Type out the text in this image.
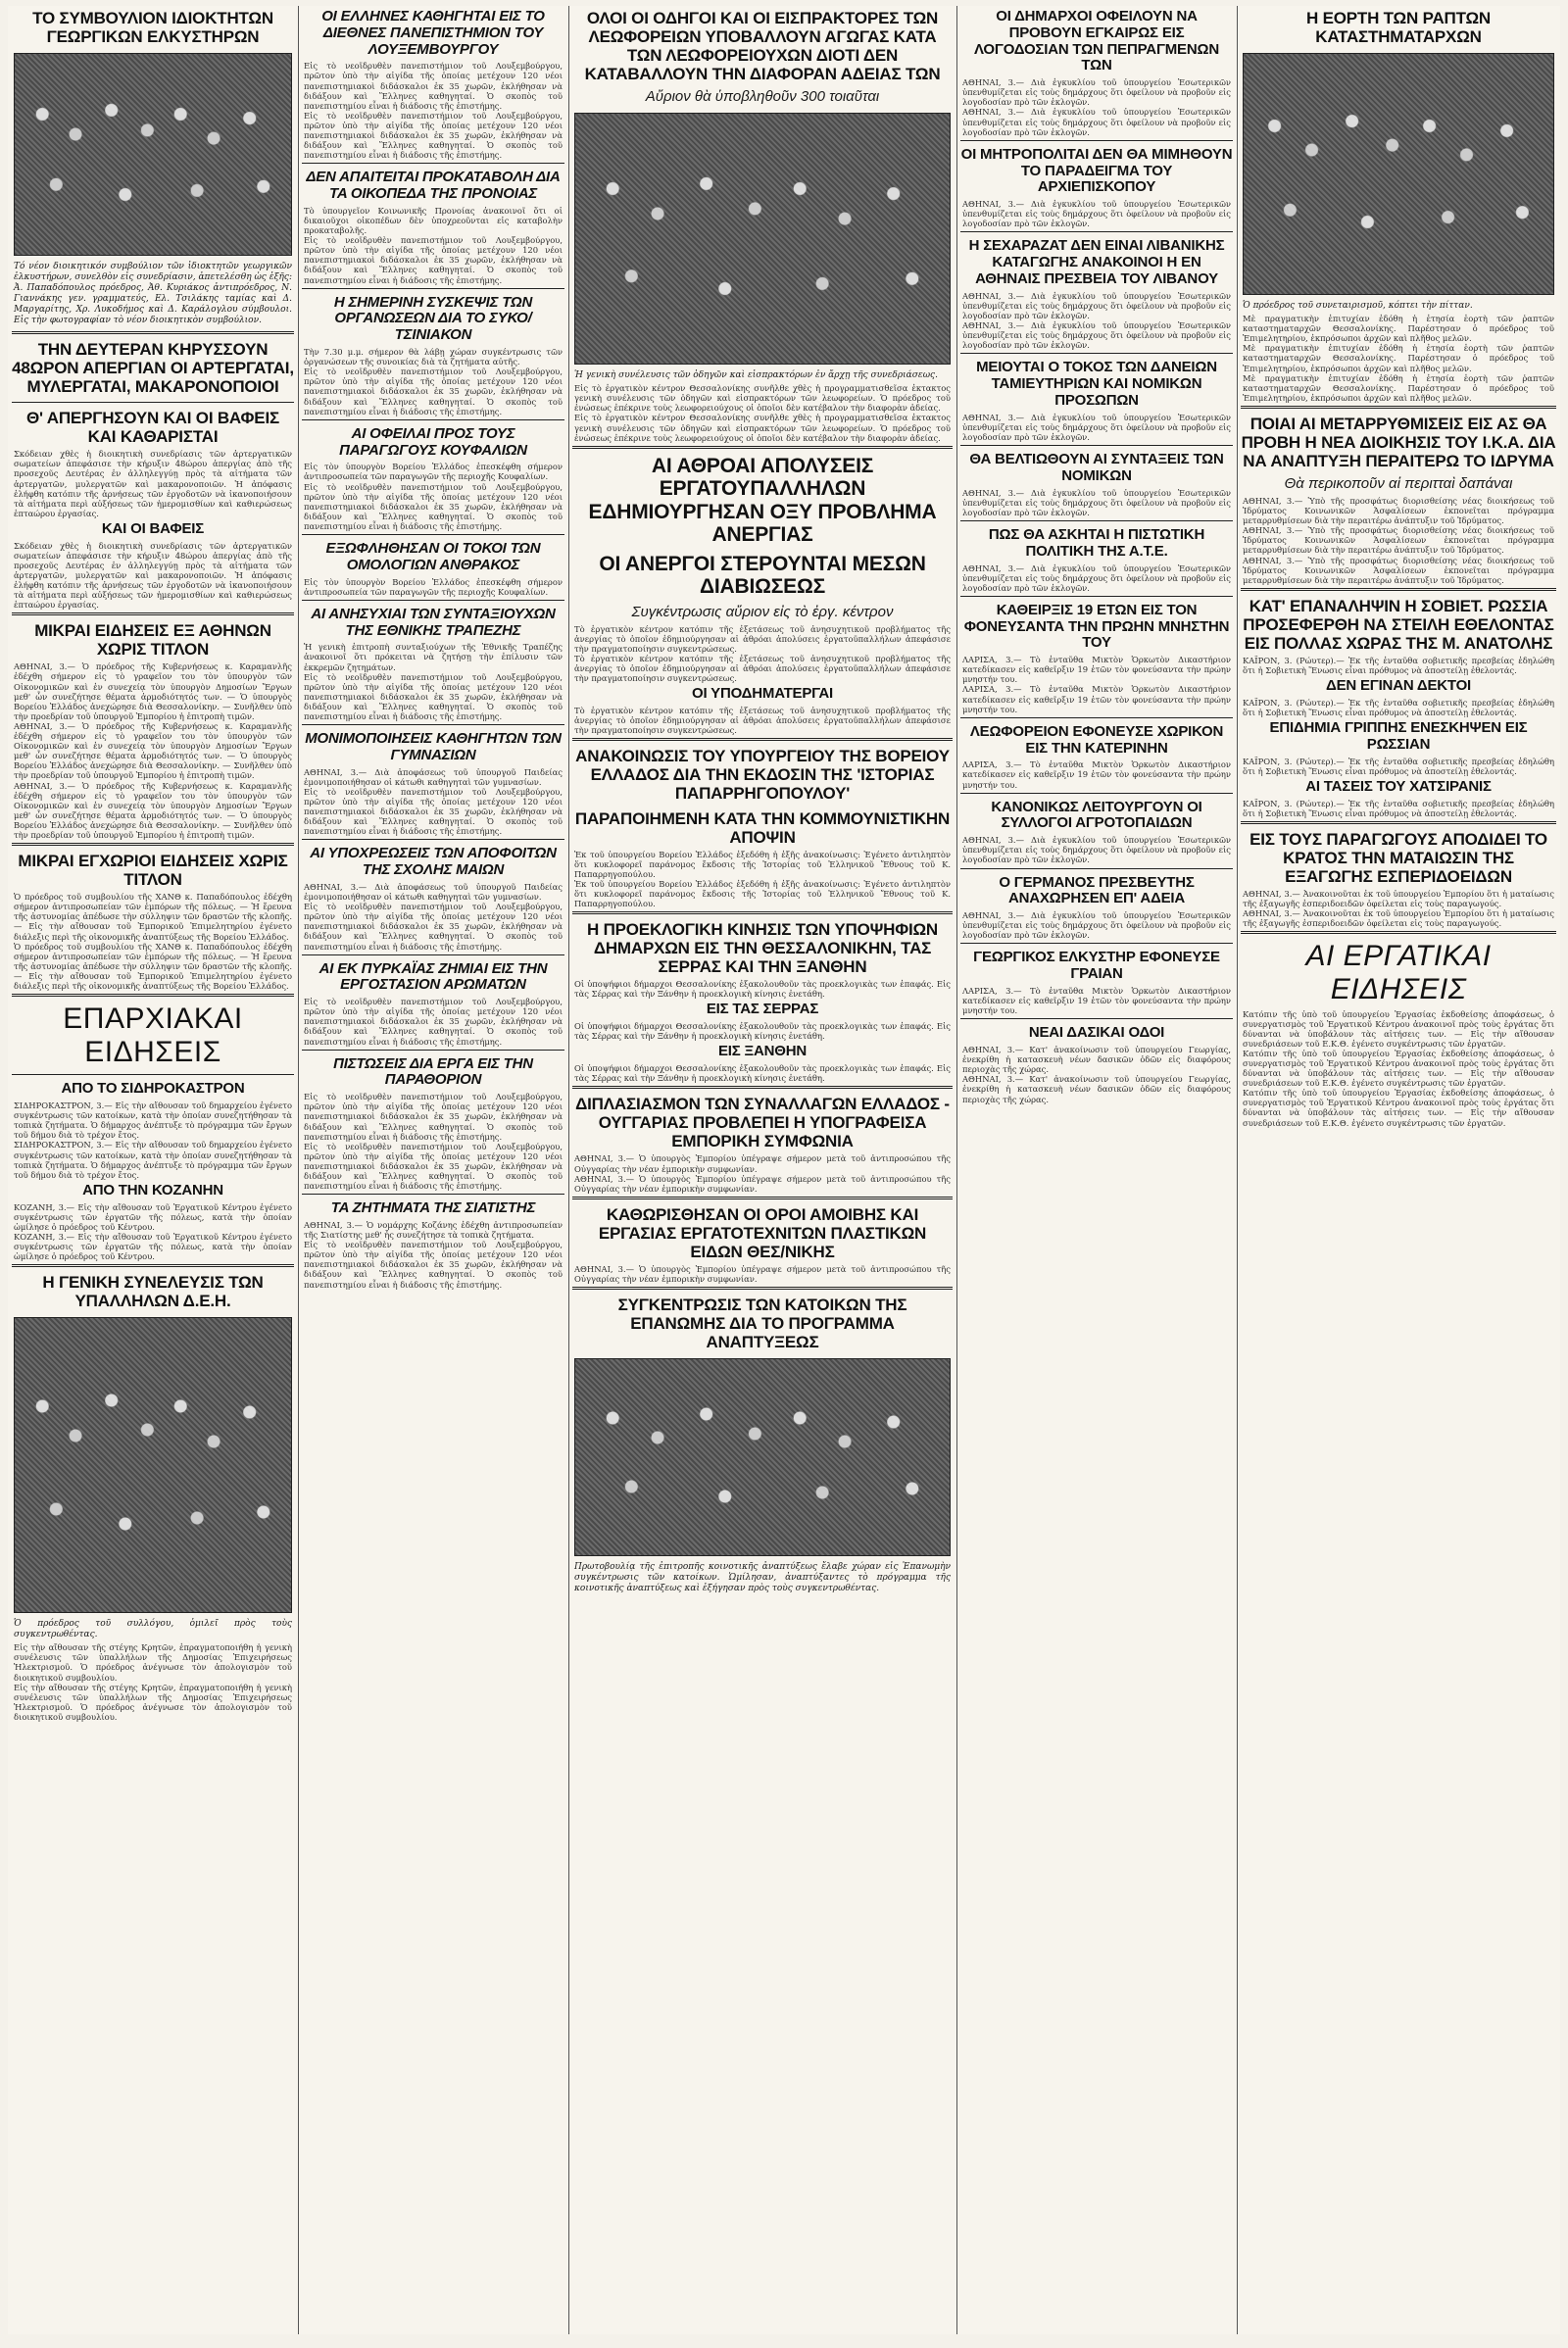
ΤΟ ΣΥΜΒΟΥΛΙΟΝ ΙΔΙΟΚΤΗΤΩΝ ΓΕΩΡΓΙΚΩΝ ΕΛΚΥΣΤΗΡΩΝ
Τό νέον διοικητικόν συμβούλιον τῶν ἰδιοκτητῶν γεωργικῶν ἐλκυστήρων, συνελθὸν εἰς συνεδρίασιν, ἀπετελέσθη ὡς ἑξῆς: Ἀ. Παπαδόπουλος πρόεδρος, Ἀθ. Κυριάκος ἀντιπρόεδρος, Ν. Γιαννάκης γεν. γραμματεύς, Ελ. Τσιλάκης ταμίας καὶ Δ. Μαργαρίτης, Χρ. Λυκοδήμος καὶ Δ. Καράλογλου σύμβουλοι. Εἰς τὴν φωτογραφίαν τὸ νέον διοικητικὸν συμβούλιον.
ΤΗΝ ΔΕΥΤΕΡΑΝ ΚΗΡΥΣΣΟΥΝ 48ΩΡΟΝ ΑΠΕΡΓΙΑΝ ΟΙ ΑΡΤΕΡΓΑΤΑΙ, ΜΥΛΕΡΓΑΤΑΙ, ΜΑΚΑΡΟΝΟΠΟΙΟΙ
Θ' ΑΠΕΡΓΗΣΟΥΝ ΚΑΙ ΟΙ ΒΑΦΕΙΣ ΚΑΙ ΚΑΘΑΡΙΣΤΑΙ
Σκόδειαν χθὲς ἡ διοικητικὴ συνεδρίασις τῶν ἀρτεργατικῶν σωματείων ἀπεφάσισε τὴν κήρυξιν 48ώρου ἀπεργίας ἀπὸ τῆς προσεχοῦς Δευτέρας ἐν ἀλληλεγγύῃ πρὸς τὰ αἰτήματα τῶν ἀρτεργατῶν, μυλεργατῶν καὶ μακαρονοποιῶν. Ἡ ἀπόφασις ἐλήφθη κατόπιν τῆς ἀρνήσεως τῶν ἐργοδοτῶν νὰ ἱκανοποιήσουν τὰ αἰτήματα περὶ αὐξήσεως τῶν ἡμερομισθίων καὶ καθιερώσεως ἑπταώρου ἐργασίας.
ΚΑΙ ΟΙ ΒΑΦΕΙΣ
Σκόδειαν χθὲς ἡ διοικητικὴ συνεδρίασις τῶν ἀρτεργατικῶν σωματείων ἀπεφάσισε τὴν κήρυξιν 48ώρου ἀπεργίας ἀπὸ τῆς προσεχοῦς Δευτέρας ἐν ἀλληλεγγύῃ πρὸς τὰ αἰτήματα τῶν ἀρτεργατῶν, μυλεργατῶν καὶ μακαρονοποιῶν. Ἡ ἀπόφασις ἐλήφθη κατόπιν τῆς ἀρνήσεως τῶν ἐργοδοτῶν νὰ ἱκανοποιήσουν τὰ αἰτήματα περὶ αὐξήσεως τῶν ἡμερομισθίων καὶ καθιερώσεως ἑπταώρου ἐργασίας.
ΜΙΚΡΑΙ ΕΙΔΗΣΕΙΣ ΕΞ ΑΘΗΝΩΝ ΧΩΡΙΣ ΤΙΤΛΟΝ
ΑΘΗΝΑΙ, 3.— Ὁ πρόεδρος τῆς Κυβερνήσεως κ. Καραμανλῆς ἐδέχθη σήμερον εἰς τὸ γραφεῖον του τὸν ὑπουργὸν τῶν Οἰκονομικῶν καὶ ἐν συνεχείᾳ τὸν ὑπουργὸν Δημοσίων Ἔργων μεθ' ὧν συνεζήτησε θέματα ἀρμοδιότητός των. — Ὁ ὑπουργὸς Βορείου Ἑλλάδος ἀνεχώρησε διὰ Θεσσαλονίκην. — Συνῆλθεν ὑπὸ τὴν προεδρίαν τοῦ ὑπουργοῦ Ἐμπορίου ἡ ἐπιτροπὴ τιμῶν.
ΑΘΗΝΑΙ, 3.— Ὁ πρόεδρος τῆς Κυβερνήσεως κ. Καραμανλῆς ἐδέχθη σήμερον εἰς τὸ γραφεῖον του τὸν ὑπουργὸν τῶν Οἰκονομικῶν καὶ ἐν συνεχείᾳ τὸν ὑπουργὸν Δημοσίων Ἔργων μεθ' ὧν συνεζήτησε θέματα ἀρμοδιότητός των. — Ὁ ὑπουργὸς Βορείου Ἑλλάδος ἀνεχώρησε διὰ Θεσσαλονίκην. — Συνῆλθεν ὑπὸ τὴν προεδρίαν τοῦ ὑπουργοῦ Ἐμπορίου ἡ ἐπιτροπὴ τιμῶν.
ΑΘΗΝΑΙ, 3.— Ὁ πρόεδρος τῆς Κυβερνήσεως κ. Καραμανλῆς ἐδέχθη σήμερον εἰς τὸ γραφεῖον του τὸν ὑπουργὸν τῶν Οἰκονομικῶν καὶ ἐν συνεχείᾳ τὸν ὑπουργὸν Δημοσίων Ἔργων μεθ' ὧν συνεζήτησε θέματα ἀρμοδιότητός των. — Ὁ ὑπουργὸς Βορείου Ἑλλάδος ἀνεχώρησε διὰ Θεσσαλονίκην. — Συνῆλθεν ὑπὸ τὴν προεδρίαν τοῦ ὑπουργοῦ Ἐμπορίου ἡ ἐπιτροπὴ τιμῶν.
ΜΙΚΡΑΙ ΕΓΧΩΡΙΟΙ ΕΙΔΗΣΕΙΣ ΧΩΡΙΣ ΤΙΤΛΟΝ
Ὁ πρόεδρος τοῦ συμβουλίου τῆς ΧΑΝΘ κ. Παπαδόπουλος ἐδέχθη σήμερον ἀντιπροσωπείαν τῶν ἐμπόρων τῆς πόλεως. — Ἡ ἔρευνα τῆς ἀστυνομίας ἀπέδωσε τὴν σύλληψιν τῶν δραστῶν τῆς κλοπῆς. — Εἰς τὴν αἴθουσαν τοῦ Ἐμπορικοῦ Ἐπιμελητηρίου ἐγένετο διάλεξις περὶ τῆς οἰκονομικῆς ἀναπτύξεως τῆς Βορείου Ἑλλάδος.
Ὁ πρόεδρος τοῦ συμβουλίου τῆς ΧΑΝΘ κ. Παπαδόπουλος ἐδέχθη σήμερον ἀντιπροσωπείαν τῶν ἐμπόρων τῆς πόλεως. — Ἡ ἔρευνα τῆς ἀστυνομίας ἀπέδωσε τὴν σύλληψιν τῶν δραστῶν τῆς κλοπῆς. — Εἰς τὴν αἴθουσαν τοῦ Ἐμπορικοῦ Ἐπιμελητηρίου ἐγένετο διάλεξις περὶ τῆς οἰκονομικῆς ἀναπτύξεως τῆς Βορείου Ἑλλάδος.
ΕΠΑΡΧΙΑΚΑΙ ΕΙΔΗΣΕΙΣ
ΑΠΟ ΤΟ ΣΙΔΗΡΟΚΑΣΤΡΟΝ
ΣΙΔΗΡΟΚΑΣΤΡΟΝ, 3.— Εἰς τὴν αἴθουσαν τοῦ δημαρχείου ἐγένετο συγκέντρωσις τῶν κατοίκων, κατὰ τὴν ὁποίαν συνεζητήθησαν τὰ τοπικὰ ζητήματα. Ὁ δήμαρχος ἀνέπτυξε τὸ πρόγραμμα τῶν ἔργων τοῦ δήμου διὰ τὸ τρέχον ἔτος.
ΣΙΔΗΡΟΚΑΣΤΡΟΝ, 3.— Εἰς τὴν αἴθουσαν τοῦ δημαρχείου ἐγένετο συγκέντρωσις τῶν κατοίκων, κατὰ τὴν ὁποίαν συνεζητήθησαν τὰ τοπικὰ ζητήματα. Ὁ δήμαρχος ἀνέπτυξε τὸ πρόγραμμα τῶν ἔργων τοῦ δήμου διὰ τὸ τρέχον ἔτος.
ΑΠΟ ΤΗΝ ΚΟΖΑΝΗΝ
ΚΟΖΑΝΗ, 3.— Εἰς τὴν αἴθουσαν τοῦ Ἐργατικοῦ Κέντρου ἐγένετο συγκέντρωσις τῶν ἐργατῶν τῆς πόλεως, κατὰ τὴν ὁποίαν ὡμίλησε ὁ πρόεδρος τοῦ Κέντρου.
ΚΟΖΑΝΗ, 3.— Εἰς τὴν αἴθουσαν τοῦ Ἐργατικοῦ Κέντρου ἐγένετο συγκέντρωσις τῶν ἐργατῶν τῆς πόλεως, κατὰ τὴν ὁποίαν ὡμίλησε ὁ πρόεδρος τοῦ Κέντρου.
Η ΓΕΝΙΚΗ ΣΥΝΕΛΕΥΣΙΣ ΤΩΝ ΥΠΑΛΛΗΛΩΝ Δ.Ε.Η.
Ὁ πρόεδρος τοῦ συλλόγου, ὁμιλεῖ πρὸς τοὺς συγκεντρωθέντας.
Εἰς τὴν αἴθουσαν τῆς στέγης Κρητῶν, ἐπραγματοποιήθη ἡ γενικὴ συνέλευσις τῶν ὑπαλλήλων τῆς Δημοσίας Ἐπιχειρήσεως Ἠλεκτρισμοῦ. Ὁ πρόεδρος ἀνέγνωσε τὸν ἀπολογισμὸν τοῦ διοικητικοῦ συμβουλίου.
Εἰς τὴν αἴθουσαν τῆς στέγης Κρητῶν, ἐπραγματοποιήθη ἡ γενικὴ συνέλευσις τῶν ὑπαλλήλων τῆς Δημοσίας Ἐπιχειρήσεως Ἠλεκτρισμοῦ. Ὁ πρόεδρος ἀνέγνωσε τὸν ἀπολογισμὸν τοῦ διοικητικοῦ συμβουλίου.
ΟΙ ΕΛΛΗΝΕΣ ΚΑΘΗΓΗΤΑΙ ΕΙΣ ΤΟ ΔΙΕΘΝΕΣ ΠΑΝΕΠΙΣΤΗΜΙΟΝ ΤΟΥ ΛΟΥΞΕΜΒΟΥΡΓΟΥ
Εἰς τὸ νεοϊδρυθὲν πανεπιστήμιον τοῦ Λουξεμβούργου, πρῶτον ὑπὸ τὴν αἰγίδα τῆς ὁποίας μετέχουν 120 νέοι πανεπιστημιακοὶ διδάσκαλοι ἐκ 35 χωρῶν, ἐκλήθησαν νὰ διδάξουν καὶ Ἕλληνες καθηγηταί. Ὁ σκοπὸς τοῦ πανεπιστημίου εἶναι ἡ διάδοσις τῆς ἐπιστήμης.
Εἰς τὸ νεοϊδρυθὲν πανεπιστήμιον τοῦ Λουξεμβούργου, πρῶτον ὑπὸ τὴν αἰγίδα τῆς ὁποίας μετέχουν 120 νέοι πανεπιστημιακοὶ διδάσκαλοι ἐκ 35 χωρῶν, ἐκλήθησαν νὰ διδάξουν καὶ Ἕλληνες καθηγηταί. Ὁ σκοπὸς τοῦ πανεπιστημίου εἶναι ἡ διάδοσις τῆς ἐπιστήμης.
ΔΕΝ ΑΠΑΙΤΕΙΤΑΙ ΠΡΟΚΑΤΑΒΟΛΗ ΔΙΑ ΤΑ ΟΙΚΟΠΕΔΑ ΤΗΣ ΠΡΟΝΟΙΑΣ
Τὸ ὑπουργεῖον Κοινωνικῆς Προνοίας ἀνακοινοῖ ὅτι οἱ δικαιοῦχοι οἰκοπέδων δὲν ὑποχρεοῦνται εἰς καταβολὴν προκαταβολῆς.
Εἰς τὸ νεοϊδρυθὲν πανεπιστήμιον τοῦ Λουξεμβούργου, πρῶτον ὑπὸ τὴν αἰγίδα τῆς ὁποίας μετέχουν 120 νέοι πανεπιστημιακοὶ διδάσκαλοι ἐκ 35 χωρῶν, ἐκλήθησαν νὰ διδάξουν καὶ Ἕλληνες καθηγηταί. Ὁ σκοπὸς τοῦ πανεπιστημίου εἶναι ἡ διάδοσις τῆς ἐπιστήμης.
Η ΣΗΜΕΡΙΝΗ ΣΥΣΚΕΨΙΣ ΤΩΝ ΟΡΓΑΝΩΣΕΩΝ ΔΙΑ ΤΟ ΣΥΚΟ/ΤΣΙΝΙΑΚΟΝ
Τὴν 7.30 μ.μ. σήμερον θὰ λάβῃ χώραν συγκέντρωσις τῶν ὀργανώσεων τῆς συνοικίας διὰ τὰ ζητήματα αὐτῆς.
Εἰς τὸ νεοϊδρυθὲν πανεπιστήμιον τοῦ Λουξεμβούργου, πρῶτον ὑπὸ τὴν αἰγίδα τῆς ὁποίας μετέχουν 120 νέοι πανεπιστημιακοὶ διδάσκαλοι ἐκ 35 χωρῶν, ἐκλήθησαν νὰ διδάξουν καὶ Ἕλληνες καθηγηταί. Ὁ σκοπὸς τοῦ πανεπιστημίου εἶναι ἡ διάδοσις τῆς ἐπιστήμης.
ΑΙ ΟΦΕΙΛΑΙ ΠΡΟΣ ΤΟΥΣ ΠΑΡΑΓΩΓΟΥΣ ΚΟΥΦΑΛΙΩΝ
Εἰς τὸν ὑπουργὸν Βορείου Ἑλλάδος ἐπεσκέφθη σήμερον ἀντιπροσωπεία τῶν παραγωγῶν τῆς περιοχῆς Κουφαλίων.
Εἰς τὸ νεοϊδρυθὲν πανεπιστήμιον τοῦ Λουξεμβούργου, πρῶτον ὑπὸ τὴν αἰγίδα τῆς ὁποίας μετέχουν 120 νέοι πανεπιστημιακοὶ διδάσκαλοι ἐκ 35 χωρῶν, ἐκλήθησαν νὰ διδάξουν καὶ Ἕλληνες καθηγηταί. Ὁ σκοπὸς τοῦ πανεπιστημίου εἶναι ἡ διάδοσις τῆς ἐπιστήμης.
ΕΞΩΦΛΗΘΗΣΑΝ ΟΙ ΤΟΚΟΙ ΤΩΝ ΟΜΟΛΟΓΙΩΝ ΑΝΘΡΑΚΟΣ
Εἰς τὸν ὑπουργὸν Βορείου Ἑλλάδος ἐπεσκέφθη σήμερον ἀντιπροσωπεία τῶν παραγωγῶν τῆς περιοχῆς Κουφαλίων.
ΑΙ ΑΝΗΣΥΧΙΑΙ ΤΩΝ ΣΥΝΤΑΞΙΟΥΧΩΝ ΤΗΣ ΕΘΝΙΚΗΣ ΤΡΑΠΕΖΗΣ
Ἡ γενικὴ ἐπιτροπὴ συνταξιούχων τῆς Ἐθνικῆς Τραπέζης ἀνακοινοῖ ὅτι πρόκειται νὰ ζητήσῃ τὴν ἐπίλυσιν τῶν ἐκκρεμῶν ζητημάτων.
Εἰς τὸ νεοϊδρυθὲν πανεπιστήμιον τοῦ Λουξεμβούργου, πρῶτον ὑπὸ τὴν αἰγίδα τῆς ὁποίας μετέχουν 120 νέοι πανεπιστημιακοὶ διδάσκαλοι ἐκ 35 χωρῶν, ἐκλήθησαν νὰ διδάξουν καὶ Ἕλληνες καθηγηταί. Ὁ σκοπὸς τοῦ πανεπιστημίου εἶναι ἡ διάδοσις τῆς ἐπιστήμης.
ΜΟΝΙΜΟΠΟΙΗΣΕΙΣ ΚΑΘΗΓΗΤΩΝ ΤΩΝ ΓΥΜΝΑΣΙΩΝ
ΑΘΗΝΑΙ, 3.— Διὰ ἀποφάσεως τοῦ ὑπουργοῦ Παιδείας ἐμονιμοποιήθησαν οἱ κάτωθι καθηγηταὶ τῶν γυμνασίων.
Εἰς τὸ νεοϊδρυθὲν πανεπιστήμιον τοῦ Λουξεμβούργου, πρῶτον ὑπὸ τὴν αἰγίδα τῆς ὁποίας μετέχουν 120 νέοι πανεπιστημιακοὶ διδάσκαλοι ἐκ 35 χωρῶν, ἐκλήθησαν νὰ διδάξουν καὶ Ἕλληνες καθηγηταί. Ὁ σκοπὸς τοῦ πανεπιστημίου εἶναι ἡ διάδοσις τῆς ἐπιστήμης.
ΑΙ ΥΠΟΧΡΕΩΣΕΙΣ ΤΩΝ ΑΠΟΦΟΙΤΩΝ ΤΗΣ ΣΧΟΛΗΣ ΜΑΙΩΝ
ΑΘΗΝΑΙ, 3.— Διὰ ἀποφάσεως τοῦ ὑπουργοῦ Παιδείας ἐμονιμοποιήθησαν οἱ κάτωθι καθηγηταὶ τῶν γυμνασίων.
Εἰς τὸ νεοϊδρυθὲν πανεπιστήμιον τοῦ Λουξεμβούργου, πρῶτον ὑπὸ τὴν αἰγίδα τῆς ὁποίας μετέχουν 120 νέοι πανεπιστημιακοὶ διδάσκαλοι ἐκ 35 χωρῶν, ἐκλήθησαν νὰ διδάξουν καὶ Ἕλληνες καθηγηταί. Ὁ σκοπὸς τοῦ πανεπιστημίου εἶναι ἡ διάδοσις τῆς ἐπιστήμης.
ΑΙ ΕΚ ΠΥΡΚΑΪΑΣ ΖΗΜΙΑΙ ΕΙΣ ΤΗΝ ΕΡΓΟΣΤΑΣΙΟΝ ΑΡΩΜΑΤΩΝ
Εἰς τὸ νεοϊδρυθὲν πανεπιστήμιον τοῦ Λουξεμβούργου, πρῶτον ὑπὸ τὴν αἰγίδα τῆς ὁποίας μετέχουν 120 νέοι πανεπιστημιακοὶ διδάσκαλοι ἐκ 35 χωρῶν, ἐκλήθησαν νὰ διδάξουν καὶ Ἕλληνες καθηγηταί. Ὁ σκοπὸς τοῦ πανεπιστημίου εἶναι ἡ διάδοσις τῆς ἐπιστήμης.
ΠΙΣΤΩΣΕΙΣ ΔΙΑ ΕΡΓΑ ΕΙΣ ΤΗΝ ΠΑΡΑΘΟΡΙΟΝ
Εἰς τὸ νεοϊδρυθὲν πανεπιστήμιον τοῦ Λουξεμβούργου, πρῶτον ὑπὸ τὴν αἰγίδα τῆς ὁποίας μετέχουν 120 νέοι πανεπιστημιακοὶ διδάσκαλοι ἐκ 35 χωρῶν, ἐκλήθησαν νὰ διδάξουν καὶ Ἕλληνες καθηγηταί. Ὁ σκοπὸς τοῦ πανεπιστημίου εἶναι ἡ διάδοσις τῆς ἐπιστήμης.
Εἰς τὸ νεοϊδρυθὲν πανεπιστήμιον τοῦ Λουξεμβούργου, πρῶτον ὑπὸ τὴν αἰγίδα τῆς ὁποίας μετέχουν 120 νέοι πανεπιστημιακοὶ διδάσκαλοι ἐκ 35 χωρῶν, ἐκλήθησαν νὰ διδάξουν καὶ Ἕλληνες καθηγηταί. Ὁ σκοπὸς τοῦ πανεπιστημίου εἶναι ἡ διάδοσις τῆς ἐπιστήμης.
ΤΑ ΖΗΤΗΜΑΤΑ ΤΗΣ ΣΙΑΤΙΣΤΗΣ
ΑΘΗΝΑΙ, 3.— Ὁ νομάρχης Κοζάνης ἐδέχθη ἀντιπροσωπείαν τῆς Σιατίστης μεθ' ἧς συνεζήτησε τὰ τοπικὰ ζητήματα.
Εἰς τὸ νεοϊδρυθὲν πανεπιστήμιον τοῦ Λουξεμβούργου, πρῶτον ὑπὸ τὴν αἰγίδα τῆς ὁποίας μετέχουν 120 νέοι πανεπιστημιακοὶ διδάσκαλοι ἐκ 35 χωρῶν, ἐκλήθησαν νὰ διδάξουν καὶ Ἕλληνες καθηγηταί. Ὁ σκοπὸς τοῦ πανεπιστημίου εἶναι ἡ διάδοσις τῆς ἐπιστήμης.
ΟΛΟΙ ΟΙ ΟΔΗΓΟΙ ΚΑΙ ΟΙ ΕΙΣΠΡΑΚΤΟΡΕΣ ΤΩΝ ΛΕΩΦΟΡΕΙΩΝ ΥΠΟΒΑΛΛΟΥΝ ΑΓΩΓΑΣ ΚΑΤΑ ΤΩΝ ΛΕΩΦΟΡΕΙΟΥΧΩΝ ΔΙΟΤΙ ΔΕΝ ΚΑΤΑΒΑΛΛΟΥΝ ΤΗΝ ΔΙΑΦΟΡΑΝ ΑΔΕΙΑΣ ΤΩΝ
Αὔριον θὰ ὑποβληθοῦν 300 τοιαῦται
Ἡ γενικὴ συνέλευσις τῶν ὁδηγῶν καὶ εἰσπρακτόρων ἐν ἄρχῃ τῆς συνεδριάσεως.
Εἰς τὸ ἐργατικὸν κέντρον Θεσσαλονίκης συνῆλθε χθὲς ἡ προγραμματισθεῖσα ἐκτακτος γενικὴ συνέλευσις τῶν ὁδηγῶν καὶ εἰσπρακτόρων τῶν λεωφορείων. Ὁ πρόεδρος τοῦ ἐνώσεως ἐπέκρινε τοὺς λεωφορειούχους οἱ ὁποῖοι δὲν κατέβαλον τὴν διαφορὰν ἀδείας.
Εἰς τὸ ἐργατικὸν κέντρον Θεσσαλονίκης συνῆλθε χθὲς ἡ προγραμματισθεῖσα ἐκτακτος γενικὴ συνέλευσις τῶν ὁδηγῶν καὶ εἰσπρακτόρων τῶν λεωφορείων. Ὁ πρόεδρος τοῦ ἐνώσεως ἐπέκρινε τοὺς λεωφορειούχους οἱ ὁποῖοι δὲν κατέβαλον τὴν διαφορὰν ἀδείας.
ΑΙ ΑΘΡΟΑΙ ΑΠΟΛΥΣΕΙΣ ΕΡΓΑΤΟΥΠΑΛΛΗΛΩΝ ΕΔΗΜΙΟΥΡΓΗΣΑΝ ΟΞΥ ΠΡΟΒΛΗΜΑ ΑΝΕΡΓΙΑΣ
ΟΙ ΑΝΕΡΓΟΙ ΣΤΕΡΟΥΝΤΑΙ ΜΕΣΩΝ ΔΙΑΒΙΩΣΕΩΣ
Συγκέντρωσις αὔριον εἰς τὸ ἐργ. κέντρον
Τὸ ἐργατικὸν κέντρον κατόπιν τῆς ἐξετάσεως τοῦ ἀνησυχητικοῦ προβλήματος τῆς ἀνεργίας τὸ ὁποῖον ἐδημιούργησαν αἱ ἀθρόαι ἀπολύσεις ἐργατοϋπαλλήλων ἀπεφάσισε τὴν πραγματοποίησιν συγκεντρώσεως.
Τὸ ἐργατικὸν κέντρον κατόπιν τῆς ἐξετάσεως τοῦ ἀνησυχητικοῦ προβλήματος τῆς ἀνεργίας τὸ ὁποῖον ἐδημιούργησαν αἱ ἀθρόαι ἀπολύσεις ἐργατοϋπαλλήλων ἀπεφάσισε τὴν πραγματοποίησιν συγκεντρώσεως.
ΟΙ ΥΠΟΔΗΜΑΤΕΡΓΑΙ
Τὸ ἐργατικὸν κέντρον κατόπιν τῆς ἐξετάσεως τοῦ ἀνησυχητικοῦ προβλήματος τῆς ἀνεργίας τὸ ὁποῖον ἐδημιούργησαν αἱ ἀθρόαι ἀπολύσεις ἐργατοϋπαλλήλων ἀπεφάσισε τὴν πραγματοποίησιν συγκεντρώσεως.
ΑΝΑΚΟΙΝΩΣΙΣ ΤΟΥ ΥΠΟΥΡΓΕΙΟΥ ΤΗΣ ΒΟΡΕΙΟΥ ΕΛΛΑΔΟΣ ΔΙΑ ΤΗΝ ΕΚΔΟΣΙΝ ΤΗΣ 'ΙΣΤΟΡΙΑΣ ΠΑΠΑΡΡΗΓΟΠΟΥΛΟΥ'
ΠΑΡΑΠΟΙΗΜΕΝΗ ΚΑΤΑ ΤΗΝ ΚΟΜΜΟΥΝΙΣΤΙΚΗΝ ΑΠΟΨΙΝ
Ἐκ τοῦ ὑπουργείου Βορείου Ἑλλάδος ἐξεδόθη ἡ ἑξῆς ἀνακοίνωσις: Ἐγένετο ἀντιληπτὸν ὅτι κυκλοφορεῖ παράνομος ἔκδοσις τῆς Ἱστορίας τοῦ Ἑλληνικοῦ Ἔθνους τοῦ Κ. Παπαρρηγοπούλου.
Ἐκ τοῦ ὑπουργείου Βορείου Ἑλλάδος ἐξεδόθη ἡ ἑξῆς ἀνακοίνωσις: Ἐγένετο ἀντιληπτὸν ὅτι κυκλοφορεῖ παράνομος ἔκδοσις τῆς Ἱστορίας τοῦ Ἑλληνικοῦ Ἔθνους τοῦ Κ. Παπαρρηγοπούλου.
Η ΠΡΟΕΚΛΟΓΙΚΗ ΚΙΝΗΣΙΣ ΤΩΝ ΥΠΟΨΗΦΙΩΝ ΔΗΜΑΡΧΩΝ ΕΙΣ ΤΗΝ ΘΕΣΣΑΛΟΝΙΚΗΝ, ΤΑΣ ΣΕΡΡΑΣ ΚΑΙ ΤΗΝ ΞΑΝΘΗΝ
Οἱ ὑποψήφιοι δήμαρχοι Θεσσαλονίκης ἐξακολουθοῦν τὰς προεκλογικὰς των ἐπαφάς. Εἰς τὰς Σέρρας καὶ τὴν Ξάνθην ἡ προεκλογικὴ κίνησις ἐνετάθη.
ΕΙΣ ΤΑΣ ΣΕΡΡΑΣ
Οἱ ὑποψήφιοι δήμαρχοι Θεσσαλονίκης ἐξακολουθοῦν τὰς προεκλογικὰς των ἐπαφάς. Εἰς τὰς Σέρρας καὶ τὴν Ξάνθην ἡ προεκλογικὴ κίνησις ἐνετάθη.
ΕΙΣ ΞΑΝΘΗΝ
Οἱ ὑποψήφιοι δήμαρχοι Θεσσαλονίκης ἐξακολουθοῦν τὰς προεκλογικὰς των ἐπαφάς. Εἰς τὰς Σέρρας καὶ τὴν Ξάνθην ἡ προεκλογικὴ κίνησις ἐνετάθη.
ΔΙΠΛΑΣΙΑΣΜΟΝ ΤΩΝ ΣΥΝΑΛΛΑΓΩΝ ΕΛΛΑΔΟΣ - ΟΥΓΓΑΡΙΑΣ ΠΡΟΒΛΕΠΕΙ Η ΥΠΟΓΡΑΦΕΙΣΑ ΕΜΠΟΡΙΚΗ ΣΥΜΦΩΝΙΑ
ΑΘΗΝΑΙ, 3.— Ὁ ὑπουργὸς Ἐμπορίου ὑπέγραψε σήμερον μετὰ τοῦ ἀντιπροσώπου τῆς Οὐγγαρίας τὴν νέαν ἐμπορικὴν συμφωνίαν.
ΑΘΗΝΑΙ, 3.— Ὁ ὑπουργὸς Ἐμπορίου ὑπέγραψε σήμερον μετὰ τοῦ ἀντιπροσώπου τῆς Οὐγγαρίας τὴν νέαν ἐμπορικὴν συμφωνίαν.
ΚΑΘΩΡΙΣΘΗΣΑΝ ΟΙ ΟΡΟΙ ΑΜΟΙΒΗΣ ΚΑΙ ΕΡΓΑΣΙΑΣ ΕΡΓΑΤΟΤΕΧΝΙΤΩΝ ΠΛΑΣΤΙΚΩΝ ΕΙΔΩΝ ΘΕΣ/ΝΙΚΗΣ
ΑΘΗΝΑΙ, 3.— Ὁ ὑπουργὸς Ἐμπορίου ὑπέγραψε σήμερον μετὰ τοῦ ἀντιπροσώπου τῆς Οὐγγαρίας τὴν νέαν ἐμπορικὴν συμφωνίαν.
ΣΥΓΚΕΝΤΡΩΣΙΣ ΤΩΝ ΚΑΤΟΙΚΩΝ ΤΗΣ ΕΠΑΝΩΜΗΣ ΔΙΑ ΤΟ ΠΡΟΓΡΑΜΜΑ ΑΝΑΠΤΥΞΕΩΣ
Πρωτοβουλίᾳ τῆς ἐπιτροπῆς κοινοτικῆς ἀναπτύξεως ἔλαβε χώραν εἰς Ἐπανωμὴν συγκέντρωσις τῶν κατοίκων. Ὡμίλησαν, ἀναπτύξαντες τὸ πρόγραμμα τῆς κοινοτικῆς ἀναπτύξεως καὶ ἐξήγησαν πρὸς τοὺς συγκεντρωθέντας.
ΟΙ ΔΗΜΑΡΧΟΙ ΟΦΕΙΛΟΥΝ ΝΑ ΠΡΟΒΟΥΝ ΕΓΚΑΙΡΩΣ ΕΙΣ ΛΟΓΟΔΟΣΙΑΝ ΤΩΝ ΠΕΠΡΑΓΜΕΝΩΝ ΤΩΝ
ΑΘΗΝΑΙ, 3.— Διὰ ἐγκυκλίου τοῦ ὑπουργείου Ἐσωτερικῶν ὑπενθυμίζεται εἰς τοὺς δημάρχους ὅτι ὀφείλουν νὰ προβοῦν εἰς λογοδοσίαν πρὸ τῶν ἐκλογῶν.
ΑΘΗΝΑΙ, 3.— Διὰ ἐγκυκλίου τοῦ ὑπουργείου Ἐσωτερικῶν ὑπενθυμίζεται εἰς τοὺς δημάρχους ὅτι ὀφείλουν νὰ προβοῦν εἰς λογοδοσίαν πρὸ τῶν ἐκλογῶν.
ΟΙ ΜΗΤΡΟΠΟΛΙΤΑΙ ΔΕΝ ΘΑ ΜΙΜΗΘΟΥΝ ΤΟ ΠΑΡΑΔΕΙΓΜΑ ΤΟΥ ΑΡΧΙΕΠΙΣΚΟΠΟΥ
ΑΘΗΝΑΙ, 3.— Διὰ ἐγκυκλίου τοῦ ὑπουργείου Ἐσωτερικῶν ὑπενθυμίζεται εἰς τοὺς δημάρχους ὅτι ὀφείλουν νὰ προβοῦν εἰς λογοδοσίαν πρὸ τῶν ἐκλογῶν.
Η ΣΕΧΑΡΑΖΑΤ ΔΕΝ ΕΙΝΑΙ ΛΙΒΑΝΙΚΗΣ ΚΑΤΑΓΩΓΗΣ ΑΝΑΚΟΙΝΟΙ Η ΕΝ ΑΘΗΝΑΙΣ ΠΡΕΣΒΕΙΑ ΤΟΥ ΛΙΒΑΝΟΥ
ΑΘΗΝΑΙ, 3.— Διὰ ἐγκυκλίου τοῦ ὑπουργείου Ἐσωτερικῶν ὑπενθυμίζεται εἰς τοὺς δημάρχους ὅτι ὀφείλουν νὰ προβοῦν εἰς λογοδοσίαν πρὸ τῶν ἐκλογῶν.
ΑΘΗΝΑΙ, 3.— Διὰ ἐγκυκλίου τοῦ ὑπουργείου Ἐσωτερικῶν ὑπενθυμίζεται εἰς τοὺς δημάρχους ὅτι ὀφείλουν νὰ προβοῦν εἰς λογοδοσίαν πρὸ τῶν ἐκλογῶν.
ΜΕΙΟΥΤΑΙ Ο ΤΟΚΟΣ ΤΩΝ ΔΑΝΕΙΩΝ ΤΑΜΙΕΥΤΗΡΙΩΝ ΚΑΙ ΝΟΜΙΚΩΝ ΠΡΟΣΩΠΩΝ
ΑΘΗΝΑΙ, 3.— Διὰ ἐγκυκλίου τοῦ ὑπουργείου Ἐσωτερικῶν ὑπενθυμίζεται εἰς τοὺς δημάρχους ὅτι ὀφείλουν νὰ προβοῦν εἰς λογοδοσίαν πρὸ τῶν ἐκλογῶν.
ΘΑ ΒΕΛΤΙΩΘΟΥΝ ΑΙ ΣΥΝΤΑΞΕΙΣ ΤΩΝ ΝΟΜΙΚΩΝ
ΑΘΗΝΑΙ, 3.— Διὰ ἐγκυκλίου τοῦ ὑπουργείου Ἐσωτερικῶν ὑπενθυμίζεται εἰς τοὺς δημάρχους ὅτι ὀφείλουν νὰ προβοῦν εἰς λογοδοσίαν πρὸ τῶν ἐκλογῶν.
ΠΩΣ ΘΑ ΑΣΚΗΤΑΙ Η ΠΙΣΤΩΤΙΚΗ ΠΟΛΙΤΙΚΗ ΤΗΣ Α.Τ.Ε.
ΑΘΗΝΑΙ, 3.— Διὰ ἐγκυκλίου τοῦ ὑπουργείου Ἐσωτερικῶν ὑπενθυμίζεται εἰς τοὺς δημάρχους ὅτι ὀφείλουν νὰ προβοῦν εἰς λογοδοσίαν πρὸ τῶν ἐκλογῶν.
ΚΑΘΕΙΡΞΙΣ 19 ΕΤΩΝ ΕΙΣ ΤΟΝ ΦΟΝΕΥΣΑΝΤΑ ΤΗΝ ΠΡΩΗΝ ΜΝΗΣΤΗΝ ΤΟΥ
ΛΑΡΙΣΑ, 3.— Τὸ ἐνταῦθα Μικτὸν Ὁρκωτὸν Δικαστήριον κατεδίκασεν εἰς καθεῖρξιν 19 ἐτῶν τὸν φονεύσαντα τὴν πρώην μνηστήν του.
ΛΑΡΙΣΑ, 3.— Τὸ ἐνταῦθα Μικτὸν Ὁρκωτὸν Δικαστήριον κατεδίκασεν εἰς καθεῖρξιν 19 ἐτῶν τὸν φονεύσαντα τὴν πρώην μνηστήν του.
ΛΕΩΦΟΡΕΙΟΝ ΕΦΟΝΕΥΣΕ ΧΩΡΙΚΟΝ ΕΙΣ ΤΗΝ ΚΑΤΕΡΙΝΗΝ
ΛΑΡΙΣΑ, 3.— Τὸ ἐνταῦθα Μικτὸν Ὁρκωτὸν Δικαστήριον κατεδίκασεν εἰς καθεῖρξιν 19 ἐτῶν τὸν φονεύσαντα τὴν πρώην μνηστήν του.
ΚΑΝΟΝΙΚΩΣ ΛΕΙΤΟΥΡΓΟΥΝ ΟΙ ΣΥΛΛΟΓΟΙ ΑΓΡΟΤΟΠΑΙΔΩΝ
ΑΘΗΝΑΙ, 3.— Διὰ ἐγκυκλίου τοῦ ὑπουργείου Ἐσωτερικῶν ὑπενθυμίζεται εἰς τοὺς δημάρχους ὅτι ὀφείλουν νὰ προβοῦν εἰς λογοδοσίαν πρὸ τῶν ἐκλογῶν.
Ο ΓΕΡΜΑΝΟΣ ΠΡΕΣΒΕΥΤΗΣ ΑΝΑΧΩΡΗΣΕΝ ΕΠ' ΑΔΕΙΑ
ΑΘΗΝΑΙ, 3.— Διὰ ἐγκυκλίου τοῦ ὑπουργείου Ἐσωτερικῶν ὑπενθυμίζεται εἰς τοὺς δημάρχους ὅτι ὀφείλουν νὰ προβοῦν εἰς λογοδοσίαν πρὸ τῶν ἐκλογῶν.
ΓΕΩΡΓΙΚΟΣ ΕΛΚΥΣΤΗΡ ΕΦΟΝΕΥΣΕ ΓΡΑΙΑΝ
ΛΑΡΙΣΑ, 3.— Τὸ ἐνταῦθα Μικτὸν Ὁρκωτὸν Δικαστήριον κατεδίκασεν εἰς καθεῖρξιν 19 ἐτῶν τὸν φονεύσαντα τὴν πρώην μνηστήν του.
ΝΕΑΙ ΔΑΣΙΚΑΙ ΟΔΟΙ
ΑΘΗΝΑΙ, 3.— Κατ' ἀνακοίνωσιν τοῦ ὑπουργείου Γεωργίας, ἐνεκρίθη ἡ κατασκευὴ νέων δασικῶν ὁδῶν εἰς διαφόρους περιοχὰς τῆς χώρας.
ΑΘΗΝΑΙ, 3.— Κατ' ἀνακοίνωσιν τοῦ ὑπουργείου Γεωργίας, ἐνεκρίθη ἡ κατασκευὴ νέων δασικῶν ὁδῶν εἰς διαφόρους περιοχὰς τῆς χώρας.
Η ΕΟΡΤΗ ΤΩΝ ΡΑΠΤΩΝ ΚΑΤΑΣΤΗΜΑΤΑΡΧΩΝ
Ὁ πρόεδρος τοῦ συνεταιρισμοῦ, κόπτει τὴν πίτταν.
Μὲ πραγματικὴν ἐπιτυχίαν ἐδόθη ἡ ἐτησία ἑορτὴ τῶν ῥαπτῶν καταστηματαρχῶν Θεσσαλονίκης. Παρέστησαν ὁ πρόεδρος τοῦ Ἐπιμελητηρίου, ἐκπρόσωποι ἀρχῶν καὶ πλῆθος μελῶν.
Μὲ πραγματικὴν ἐπιτυχίαν ἐδόθη ἡ ἐτησία ἑορτὴ τῶν ῥαπτῶν καταστηματαρχῶν Θεσσαλονίκης. Παρέστησαν ὁ πρόεδρος τοῦ Ἐπιμελητηρίου, ἐκπρόσωποι ἀρχῶν καὶ πλῆθος μελῶν.
Μὲ πραγματικὴν ἐπιτυχίαν ἐδόθη ἡ ἐτησία ἑορτὴ τῶν ῥαπτῶν καταστηματαρχῶν Θεσσαλονίκης. Παρέστησαν ὁ πρόεδρος τοῦ Ἐπιμελητηρίου, ἐκπρόσωποι ἀρχῶν καὶ πλῆθος μελῶν.
ΠΟΙΑΙ ΑΙ ΜΕΤΑΡΡΥΘΜΙΣΕΙΣ ΕΙΣ ΑΣ ΘΑ ΠΡΟΒΗ Η ΝΕΑ ΔΙΟΙΚΗΣΙΣ ΤΟΥ Ι.Κ.Α. ΔΙΑ ΝΑ ΑΝΑΠΤΥΞΗ ΠΕΡΑΙΤΕΡΩ ΤΟ ΙΔΡΥΜΑ
Θὰ περικοποῦν αἱ περιτταὶ δαπάναι
ΑΘΗΝΑΙ, 3.— Ὑπὸ τῆς προσφάτως διορισθείσης νέας διοικήσεως τοῦ Ἱδρύματος Κοινωνικῶν Ἀσφαλίσεων ἐκπονεῖται πρόγραμμα μεταρρυθμίσεων διὰ τὴν περαιτέρω ἀνάπτυξιν τοῦ Ἱδρύματος.
ΑΘΗΝΑΙ, 3.— Ὑπὸ τῆς προσφάτως διορισθείσης νέας διοικήσεως τοῦ Ἱδρύματος Κοινωνικῶν Ἀσφαλίσεων ἐκπονεῖται πρόγραμμα μεταρρυθμίσεων διὰ τὴν περαιτέρω ἀνάπτυξιν τοῦ Ἱδρύματος.
ΑΘΗΝΑΙ, 3.— Ὑπὸ τῆς προσφάτως διορισθείσης νέας διοικήσεως τοῦ Ἱδρύματος Κοινωνικῶν Ἀσφαλίσεων ἐκπονεῖται πρόγραμμα μεταρρυθμίσεων διὰ τὴν περαιτέρω ἀνάπτυξιν τοῦ Ἱδρύματος.
ΚΑΤ' ΕΠΑΝΑΛΗΨΙΝ Η ΣΟΒΙΕΤ. ΡΩΣΣΙΑ ΠΡΟΣΕΦΕΡΘΗ ΝΑ ΣΤΕΙΛΗ ΕΘΕΛΟΝΤΑΣ ΕΙΣ ΠΟΛΛΑΣ ΧΩΡΑΣ ΤΗΣ Μ. ΑΝΑΤΟΛΗΣ
ΚΑΪΡΟΝ, 3. (Ρώυτερ).— Ἐκ τῆς ἐνταῦθα σοβιετικῆς πρεσβείας ἐδηλώθη ὅτι ἡ Σοβιετικὴ Ἕνωσις εἶναι πρόθυμος νὰ ἀποστείλῃ ἐθελοντάς.
ΔΕΝ ΕΓΙΝΑΝ ΔΕΚΤΟΙ
ΚΑΪΡΟΝ, 3. (Ρώυτερ).— Ἐκ τῆς ἐνταῦθα σοβιετικῆς πρεσβείας ἐδηλώθη ὅτι ἡ Σοβιετικὴ Ἕνωσις εἶναι πρόθυμος νὰ ἀποστείλῃ ἐθελοντάς.
ΕΠΙΔΗΜΙΑ ΓΡΙΠΠΗΣ ΕΝΕΣΚΗΨΕΝ ΕΙΣ ΡΩΣΣΙΑΝ
ΚΑΪΡΟΝ, 3. (Ρώυτερ).— Ἐκ τῆς ἐνταῦθα σοβιετικῆς πρεσβείας ἐδηλώθη ὅτι ἡ Σοβιετικὴ Ἕνωσις εἶναι πρόθυμος νὰ ἀποστείλῃ ἐθελοντάς.
ΑΙ ΤΑΣΕΙΣ ΤΟΥ ΧΑΤΣΙΡΑΝΙΣ
ΚΑΪΡΟΝ, 3. (Ρώυτερ).— Ἐκ τῆς ἐνταῦθα σοβιετικῆς πρεσβείας ἐδηλώθη ὅτι ἡ Σοβιετικὴ Ἕνωσις εἶναι πρόθυμος νὰ ἀποστείλῃ ἐθελοντάς.
ΕΙΣ ΤΟΥΣ ΠΑΡΑΓΩΓΟΥΣ ΑΠΟΔΙΔΕΙ ΤΟ ΚΡΑΤΟΣ ΤΗΝ ΜΑΤΑΙΩΣΙΝ ΤΗΣ ΕΞΑΓΩΓΗΣ ΕΣΠΕΡΙΔΟΕΙΔΩΝ
ΑΘΗΝΑΙ, 3.— Ἀνακοινοῦται ἐκ τοῦ ὑπουργείου Ἐμπορίου ὅτι ἡ ματαίωσις τῆς ἐξαγωγῆς ἐσπεριδοειδῶν ὀφείλεται εἰς τοὺς παραγωγούς.
ΑΘΗΝΑΙ, 3.— Ἀνακοινοῦται ἐκ τοῦ ὑπουργείου Ἐμπορίου ὅτι ἡ ματαίωσις τῆς ἐξαγωγῆς ἐσπεριδοειδῶν ὀφείλεται εἰς τοὺς παραγωγούς.
ΑΙ ΕΡΓΑΤΙΚΑΙ ΕΙΔΗΣΕΙΣ
Κατόπιν τῆς ὑπὸ τοῦ ὑπουργείου Ἐργασίας ἐκδοθείσης ἀποφάσεως, ὁ συνεργατισμὸς τοῦ Ἐργατικοῦ Κέντρου ἀνακοινοῖ πρὸς τοὺς ἐργάτας ὅτι δύνανται νὰ ὑποβάλουν τὰς αἰτήσεις των. — Εἰς τὴν αἴθουσαν συνεδριάσεων τοῦ Ε.Κ.Θ. ἐγένετο συγκέντρωσις τῶν ἐργατῶν.
Κατόπιν τῆς ὑπὸ τοῦ ὑπουργείου Ἐργασίας ἐκδοθείσης ἀποφάσεως, ὁ συνεργατισμὸς τοῦ Ἐργατικοῦ Κέντρου ἀνακοινοῖ πρὸς τοὺς ἐργάτας ὅτι δύνανται νὰ ὑποβάλουν τὰς αἰτήσεις των. — Εἰς τὴν αἴθουσαν συνεδριάσεων τοῦ Ε.Κ.Θ. ἐγένετο συγκέντρωσις τῶν ἐργατῶν.
Κατόπιν τῆς ὑπὸ τοῦ ὑπουργείου Ἐργασίας ἐκδοθείσης ἀποφάσεως, ὁ συνεργατισμὸς τοῦ Ἐργατικοῦ Κέντρου ἀνακοινοῖ πρὸς τοὺς ἐργάτας ὅτι δύνανται νὰ ὑποβάλουν τὰς αἰτήσεις των. — Εἰς τὴν αἴθουσαν συνεδριάσεων τοῦ Ε.Κ.Θ. ἐγένετο συγκέντρωσις τῶν ἐργατῶν.
